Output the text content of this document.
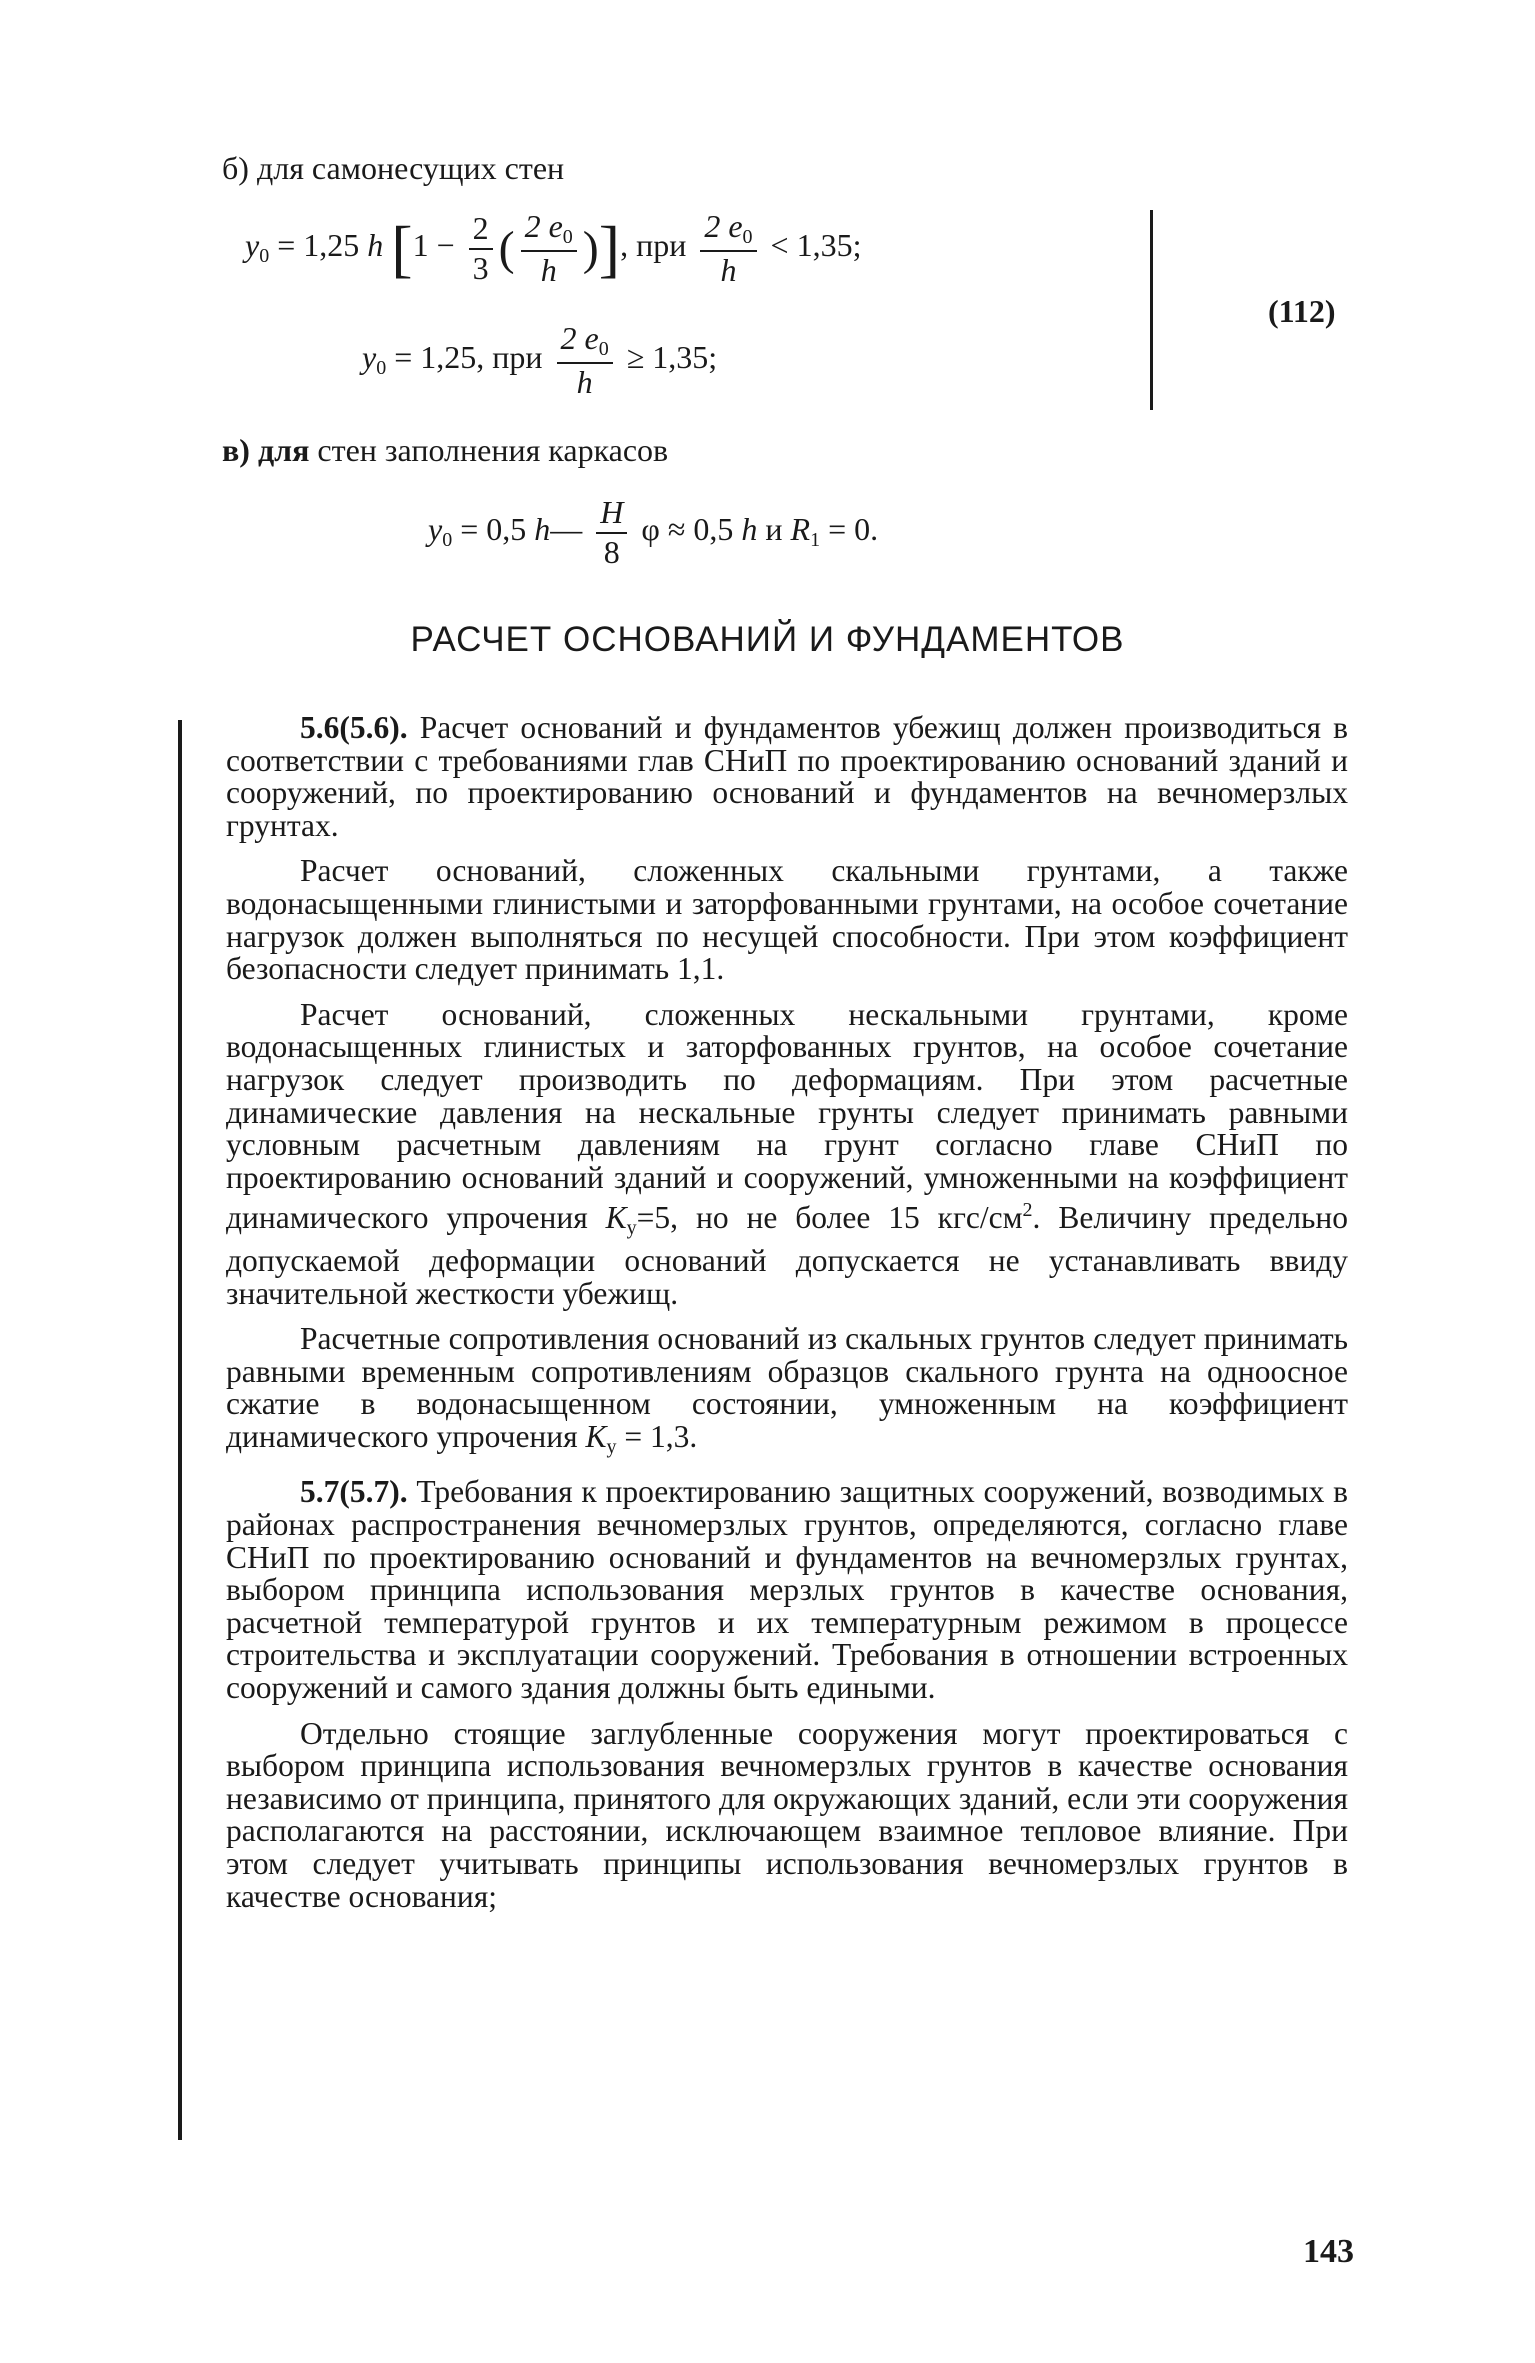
б) для самонесущих стен
$y_0 = 1,25$ h [$1 - \frac{2}{3}$ ( $\frac{2 e_0}{h}$ )], при $\frac{2 e_0}{h} < 1,35$;
$y_0 = 1,25$, при $\frac{2 e_0}{h} \ge 1,35$;
(112)
в) для стен заполнения каркасов
$y_0 = 0,5$ h— $\frac{H}{8}$ φ ≈ 0,5 h и $R_1 = 0$.
РАСЧЕТ ОСНОВАНИЙ И ФУНДАМЕНТОВ

5.6(5.6). Расчет оснований и фундаментов убежищ должен производиться в соответствии с требованиями глав СНиП по проектированию оснований зданий и сооружений, по проектированию оснований и фундаментов на вечномерзлых грунтах.

Расчет оснований, сложенных скальными грунтами, а также водонасыщенными глинистыми и заторфованными грунтами, на особое сочетание нагрузок должен выполняться по несущей способности. При этом коэффициент безопасности следует принимать 1,1.

Расчет оснований, сложенных нескальными грунтами, кроме водонасыщенных глинистых и заторфованных грунтов, на особое сочетание нагрузок следует производить по деформациям. При этом расчетные динамические давления на нескальные грунты следует принимать равными условным расчетным давлениям на грунт согласно главе СНиП по проектированию оснований зданий и сооружений, умноженными на коэффициент динамического упрочения $K_у=5$, но не более 15 кгс/$см^2$. Величину предельно допускаемой деформации оснований допускается не устанавливать ввиду значительной жесткости убежищ.

Расчетные сопротивления оснований из скальных грунтов следует принимать равными временным сопротивлениям образцов скального грунта на одноосное сжатие в водонасыщенном состоянии, умноженным на коэффициент динамического упрочения $K_у = 1,3$.

5.7(5.7). Требования к проектированию защитных сооружений, возводимых в районах распространения вечномерзлых грунтов, определяются, согласно главе СНиП по проектированию оснований и фундаментов на вечномерзлых грунтах, выбором принципа использования мерзлых грунтов в качестве основания, расчетной температурой грунтов и их температурным режимом в процессе строительства и эксплуатации сооружений. Требования в отношении встроенных сооружений и самого здания должны быть едиными.

Отдельно стоящие заглубленные сооружения могут проектироваться с выбором принципа использования вечномерзлых грунтов в качестве основания независимо от принципа, принятого для окружающих зданий, если эти сооружения располагаются на расстоянии, исключающем взаимное тепловое влияние. При этом следует учитывать принципы использования вечномерзлых грунтов в качестве основания;

143
